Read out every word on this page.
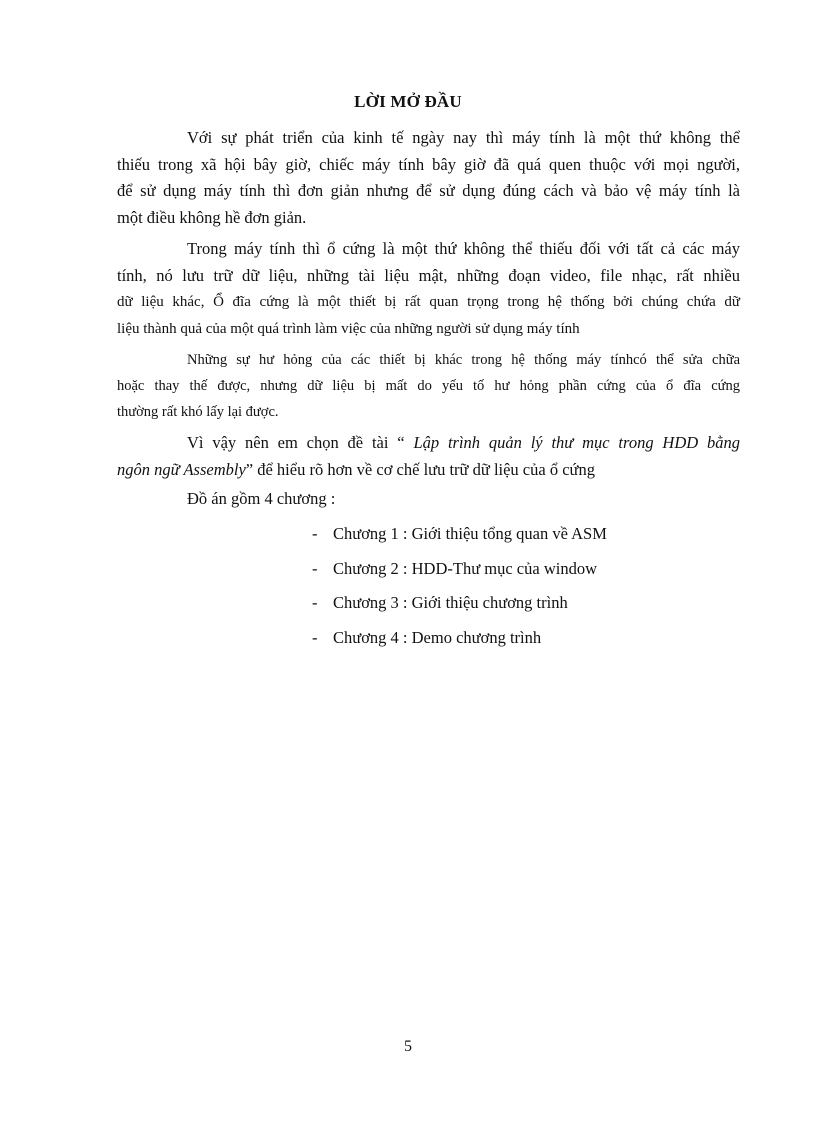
LỜI MỞ ĐẦU
Với sự phát triển của kinh tế ngày nay thì máy tính là một thứ không thể
thiếu trong xã hội bây giờ, chiếc máy tính bây giờ đã quá quen thuộc với mọi người,
để sử dụng máy tính thì đơn giản nhưng để sử dụng đúng cách và bảo vệ máy tính là
một điều không hề đơn giản.
Trong máy tính thì ổ cứng là một thứ không thể thiếu đối với tất cả các máy
tính, nó lưu trữ dữ liệu, những tài liệu mật, những đoạn video, file nhạc, rất nhiều
dữ liệu khác, Ổ đĩa cứng là một thiết bị rất quan trọng trong hệ thống bởi chúng chứa dữ
liệu thành quả của một quá trình làm việc của những người sử dụng máy tính
Những sự hư hỏng của các thiết bị khác trong hệ thống máy tínhcó thể sửa chữa
hoặc thay thế được, nhưng dữ liệu bị mất do yếu tố hư hỏng phần cứng của ổ đĩa cứng
thường rất khó lấy lại được.
Vì vậy nên em chọn đề tài “ Lập trình quản lý thư mục trong HDD bằng
ngôn ngữ Assembly” để hiểu rõ hơn về cơ chế lưu trữ dữ liệu của ổ cứng
Đồ án gồm 4 chương :
- Chương 1 : Giới thiệu tổng quan về ASM
- Chương 2 : HDD-Thư mục của window
- Chương 3 : Giới thiệu chương trình
- Chương 4 : Demo chương trình
5
